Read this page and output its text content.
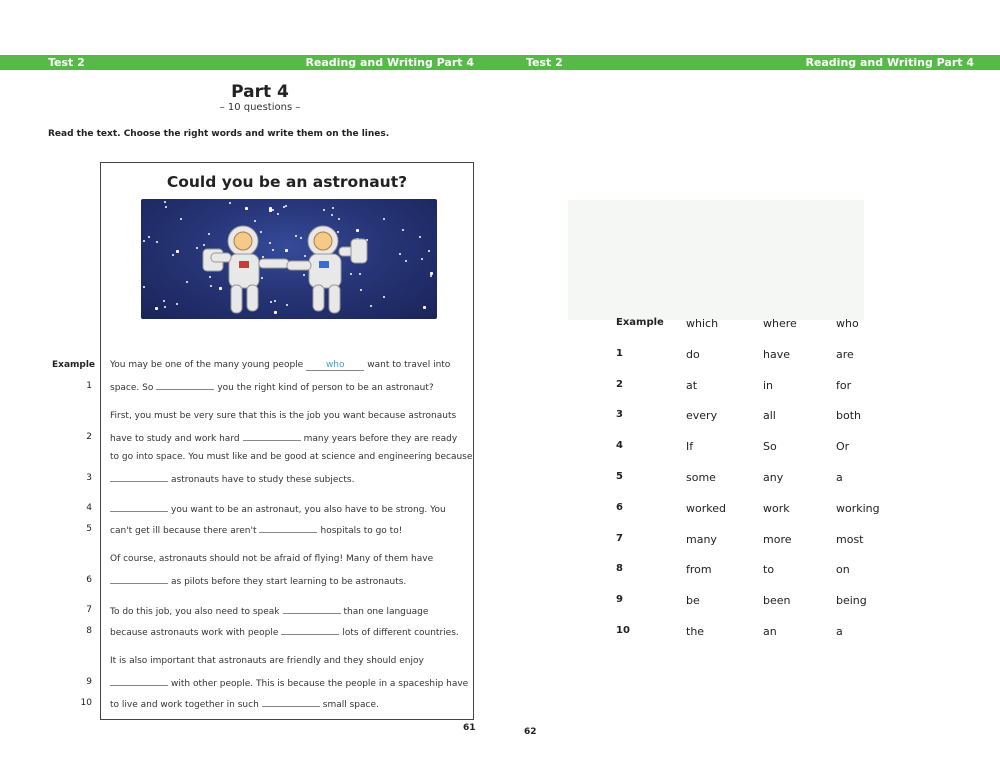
Test 2	Reading and Writing Part 4
Part 4
– 10 questions –
Read the text. Choose the right words and write them on the lines.
Could you be an astronaut?
Example You may be one of the many young people	who	want to travel into
1 space. So	you the right kind of person to be an astronaut?
First, you must be very sure that this is the job you want because astronauts
2 have to study and work hard	many years before they are ready
to go into space. You must like and be good at science and engineering because
3	astronauts have to study these subjects.
4	you want to be an astronaut, you also have to be strong. You
5 can't get ill because there aren't	hospitals to go to!
Of course, astronauts should not be afraid of flying! Many of them have
6	as pilots before they start learning to be astronauts.
7 To do this job, you also need to speak	than one language
8 because astronauts work with people	lots of different countries.
It is also important that astronauts are friendly and they should enjoy
9	with other people. This is because the people in a spaceship have
10 to live and work together in such	small space.
61
Test 2	Reading and Writing Part 4
Example which	where	who
1	do	have	are
2	at	in	for
3	every	all	both
4	If	So	Or
5	some	any	a
6	worked	work	working
7	many	more	most
8	from	to	on
9	be	been	being
10	the	an	a
62
